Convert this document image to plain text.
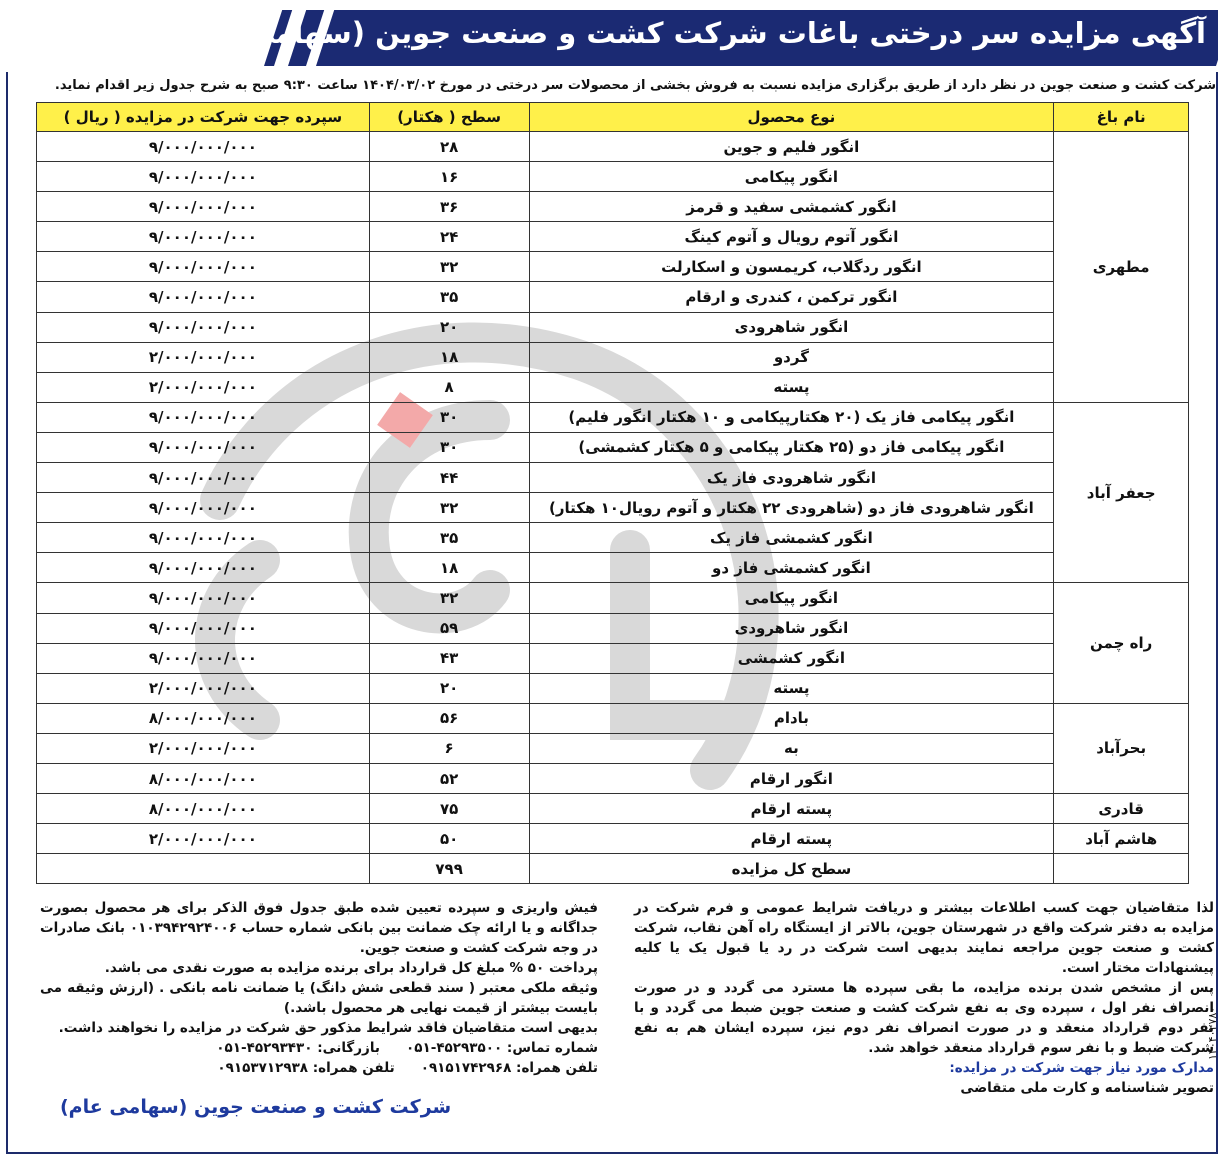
آگهی مزایده سر درختی باغات شرکت کشت و صنعت جوین (سهامی عام)
شرکت کشت و صنعت جوین در نظر دارد از طریق برگزاری مزایده نسبت به فروش بخشی از محصولات سر درختی در مورخ ۱۴۰۴/۰۳/۰۲ ساعت ۹:۳۰ صبح به شرح جدول زیر اقدام نماید.
نام باغ	نوع محصول	سطح ( هکتار)	سپرده جهت شرکت در مزایده ( ریال )
مطهری	انگور فلیم و جوین	۲۸	۹/۰۰۰/۰۰۰/۰۰۰
	انگور پیکامی	۱۶	۹/۰۰۰/۰۰۰/۰۰۰
	انگور کشمشی سفید و قرمز	۳۶	۹/۰۰۰/۰۰۰/۰۰۰
	انگور آتوم رویال و آتوم کینگ	۲۴	۹/۰۰۰/۰۰۰/۰۰۰
	انگور ردگلاب، کریمسون و اسکارلت	۳۲	۹/۰۰۰/۰۰۰/۰۰۰
	انگور ترکمن ، کندری و ارقام	۳۵	۹/۰۰۰/۰۰۰/۰۰۰
	انگور شاهرودی	۲۰	۹/۰۰۰/۰۰۰/۰۰۰
	گردو	۱۸	۲/۰۰۰/۰۰۰/۰۰۰
	پسته	۸	۲/۰۰۰/۰۰۰/۰۰۰
جعفر آباد	انگور پیکامی فاز یک (۲۰ هکتارپیکامی و ۱۰ هکتار انگور فلیم)	۳۰	۹/۰۰۰/۰۰۰/۰۰۰
	انگور پیکامی فاز دو (۲۵ هکتار پیکامی و ۵ هکتار کشمشی)	۳۰	۹/۰۰۰/۰۰۰/۰۰۰
	انگور شاهرودی فاز یک	۴۴	۹/۰۰۰/۰۰۰/۰۰۰
	انگور شاهرودی فاز دو (شاهرودی ۲۲ هکتار و آتوم رویال۱۰ هکتار)	۳۲	۹/۰۰۰/۰۰۰/۰۰۰
	انگور کشمشی فاز یک	۳۵	۹/۰۰۰/۰۰۰/۰۰۰
	انگور کشمشی فاز دو	۱۸	۹/۰۰۰/۰۰۰/۰۰۰
راه چمن	انگور پیکامی	۳۲	۹/۰۰۰/۰۰۰/۰۰۰
	انگور شاهرودی	۵۹	۹/۰۰۰/۰۰۰/۰۰۰
	انگور کشمشی	۴۳	۹/۰۰۰/۰۰۰/۰۰۰
	پسته	۲۰	۲/۰۰۰/۰۰۰/۰۰۰
بحرآباد	بادام	۵۶	۸/۰۰۰/۰۰۰/۰۰۰
	به	۶	۲/۰۰۰/۰۰۰/۰۰۰
	انگور ارقام	۵۲	۸/۰۰۰/۰۰۰/۰۰۰
قادری	پسته ارقام	۷۵	۸/۰۰۰/۰۰۰/۰۰۰
هاشم آباد	پسته ارقام	۵۰	۲/۰۰۰/۰۰۰/۰۰۰
	سطح کل مزایده	۷۹۹	

لذا متقاضیان جهت کسب اطلاعات بیشتر و دریافت شرایط عمومی و فرم شرکت در مزایده به دفتر شرکت واقع در شهرستان جوین، بالاتر از ایستگاه راه آهن نقاب، شرکت کشت و صنعت جوین مراجعه نمایند بدیهی است شرکت در رد یا قبول یک یا کلیه پیشنهادات مختار است.

پس از مشخص شدن برنده مزایده، ما بقی سپرده ها مسترد می گردد و در صورت انصراف نفر اول ، سپرده وی به نفع شرکت کشت و صنعت جوین ضبط می گردد و با نفر دوم قرارداد منعقد و در صورت انصراف نفر دوم نیز، سپرده ایشان هم به نفع شرکت ضبط و با نفر سوم قرارداد منعقد خواهد شد.

مدارک مورد نیاز جهت شرکت در مزایده:
تصویر شناسنامه و کارت ملی متقاضی

فیش واریزی و سپرده تعیین شده طبق جدول فوق الذکر برای هر محصول بصورت جداگانه و یا ارائه چک ضمانت بین بانکی شماره حساب ۰۱۰۳۹۴۲۹۲۴۰۰۶ بانک صادرات در وجه شرکت کشت و صنعت جوین.

پرداخت ۵۰ % مبلغ کل قرارداد برای برنده مزایده به صورت نقدی می باشد.

وثیقه ملکی معتبر ( سند قطعی شش دانگ) یا ضمانت نامه بانکی . (ارزش وثیقه می بایست بیشتر از قیمت نهایی هر محصول باشد.)

بدیهی است متقاضیان فاقد شرایط مذکور حق شرکت در مزایده را نخواهند داشت.

شماره تماس: ۴۵۲۹۳۵۰۰-۰۵۱
بازرگانی: ۴۵۲۹۳۴۳۰-۰۵۱
تلفن همراه: ۰۹۱۵۱۷۴۲۹۶۸
تلفن همراه: ۰۹۱۵۳۷۱۲۹۳۸
شرکت کشت و صنعت جوین (سهامی عام)
۱۴۰۴۰۲۷۸۰
